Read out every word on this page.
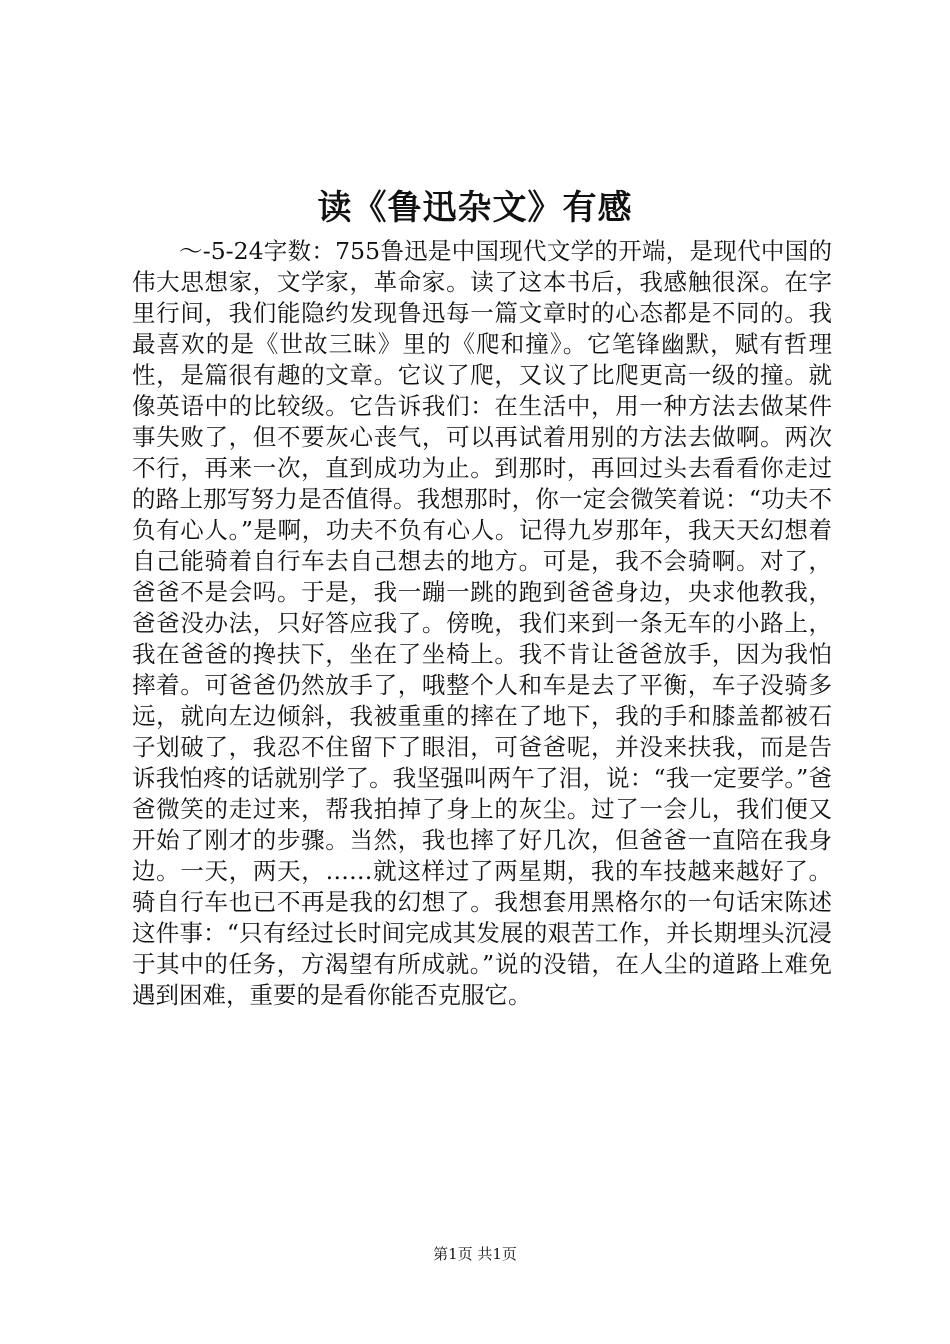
读《鲁迅杂文》有感
～-5-24字数：755鲁迅是中国现代文学的开端，是现代中国的伟大思想家，文学家，革命家。读了这本书后，我感触很深。在字里行间，我们能隐约发现鲁迅每一篇文章时的心态都是不同的。我最喜欢的是《世故三昧》里的《爬和撞》。它笔锋幽默，赋有哲理性，是篇很有趣的文章。它议了爬，又议了比爬更高一级的撞。就像英语中的比较级。它告诉我们：在生活中，用一种方法去做某件事失败了，但不要灰心丧气，可以再试着用别的方法去做啊。两次不行，再来一次，直到成功为止。到那时，再回过头去看看你走过的路上那写努力是否值得。我想那时，你一定会微笑着说：“功夫不负有心人。”是啊，功夫不负有心人。记得九岁那年，我天天幻想着自己能骑着自行车去自己想去的地方。可是，我不会骑啊。对了，爸爸不是会吗。于是，我一蹦一跳的跑到爸爸身边，央求他教我，爸爸没办法，只好答应我了。傍晚，我们来到一条无车的小路上，我在爸爸的搀扶下，坐在了坐椅上。我不肯让爸爸放手，因为我怕摔着。可爸爸仍然放手了，哦整个人和车是去了平衡，车子没骑多远，就向左边倾斜，我被重重的摔在了地下，我的手和膝盖都被石子划破了，我忍不住留下了眼泪，可爸爸呢，并没来扶我，而是告诉我怕疼的话就别学了。我坚强叫两午了泪，说：“我一定要学。”爸爸微笑的走过来，帮我拍掉了身上的灰尘。过了一会儿，我们便又开始了刚才的步骤。当然，我也摔了好几次，但爸爸一直陪在我身边。一天，两天，……就这样过了两星期，我的车技越来越好了。骑自行车也已不再是我的幻想了。我想套用黑格尔的一句话宋陈述这件事：“只有经过长时间完成其发展的艰苦工作，并长期埋头沉浸于其中的任务，方渴望有所成就。”说的没错，在人尘的道路上难免遇到困难，重要的是看你能否克服它。
第1页 共1页
